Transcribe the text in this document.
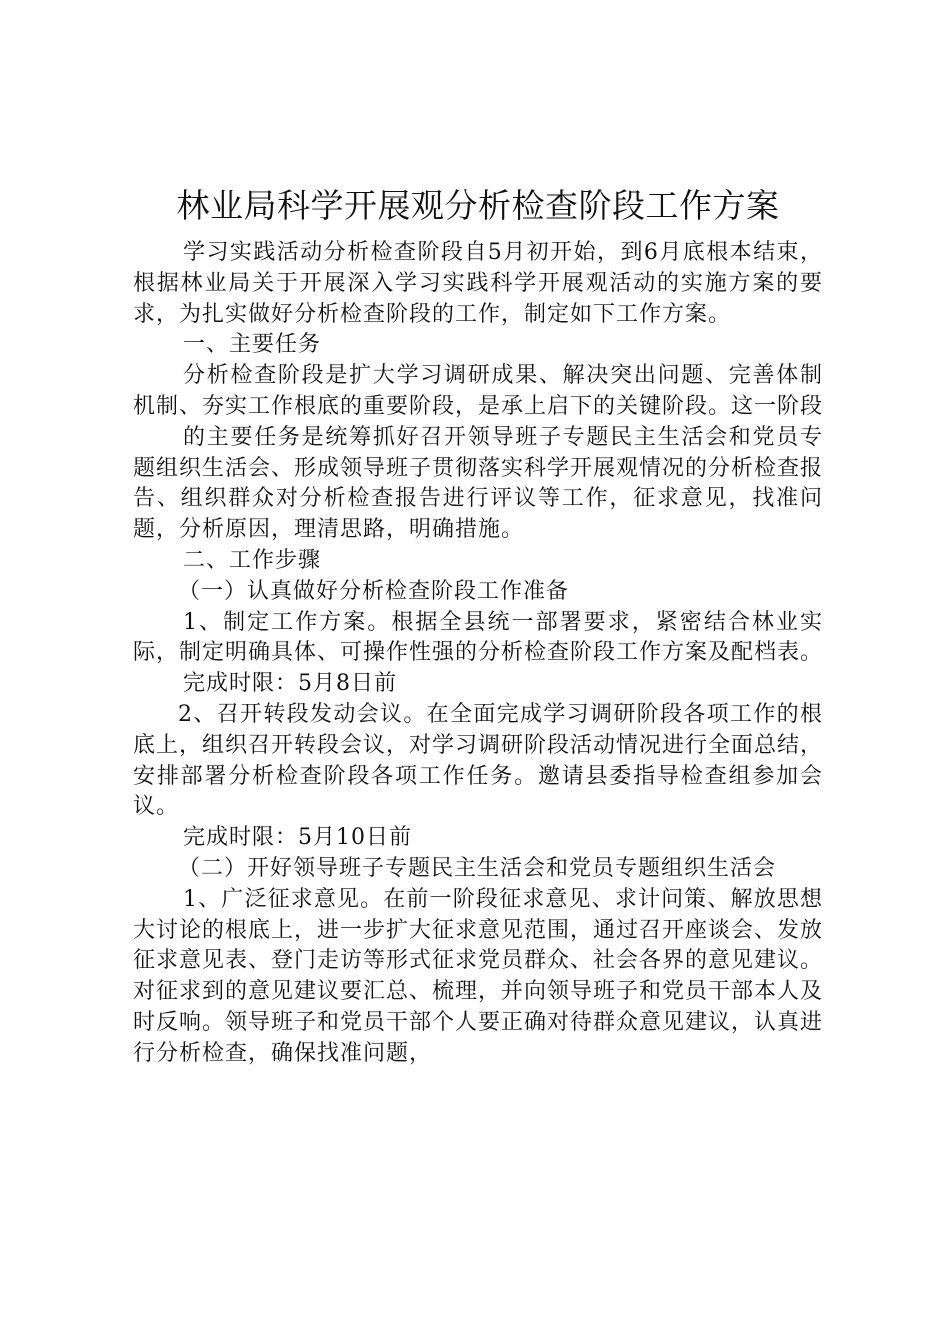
林业局科学开展观分析检查阶段工作方案

学习实践活动分析检查阶段自5月初开始，到6月底根本结束，根据林业局关于开展深入学习实践科学开展观活动的实施方案的要求，为扎实做好分析检查阶段的工作，制定如下工作方案。

一、主要任务

分析检查阶段是扩大学习调研成果、解决突出问题、完善体制机制、夯实工作根底的重要阶段，是承上启下的关键阶段。这一阶段

的主要任务是统筹抓好召开领导班子专题民主生活会和党员专题组织生活会、形成领导班子贯彻落实科学开展观情况的分析检查报告、组织群众对分析检查报告进行评议等工作，征求意见，找准问题，分析原因，理清思路，明确措施。

二、工作步骤

（一）认真做好分析检查阶段工作准备

1、制定工作方案。根据全县统一部署要求，紧密结合林业实际，制定明确具体、可操作性强的分析检查阶段工作方案及配档表。

完成时限：5月8日前

2、召开转段发动会议。在全面完成学习调研阶段各项工作的根底上，组织召开转段会议，对学习调研阶段活动情况进行全面总结，安排部署分析检查阶段各项工作任务。邀请县委指导检查组参加会议。

完成时限：5月10日前

（二）开好领导班子专题民主生活会和党员专题组织生活会

1、广泛征求意见。在前一阶段征求意见、求计问策、解放思想大讨论的根底上，进一步扩大征求意见范围，通过召开座谈会、发放征求意见表、登门走访等形式征求党员群众、社会各界的意见建议。对征求到的意见建议要汇总、梳理，并向领导班子和党员干部本人及时反响。领导班子和党员干部个人要正确对待群众意见建议，认真进行分析检查，确保找准问题，
